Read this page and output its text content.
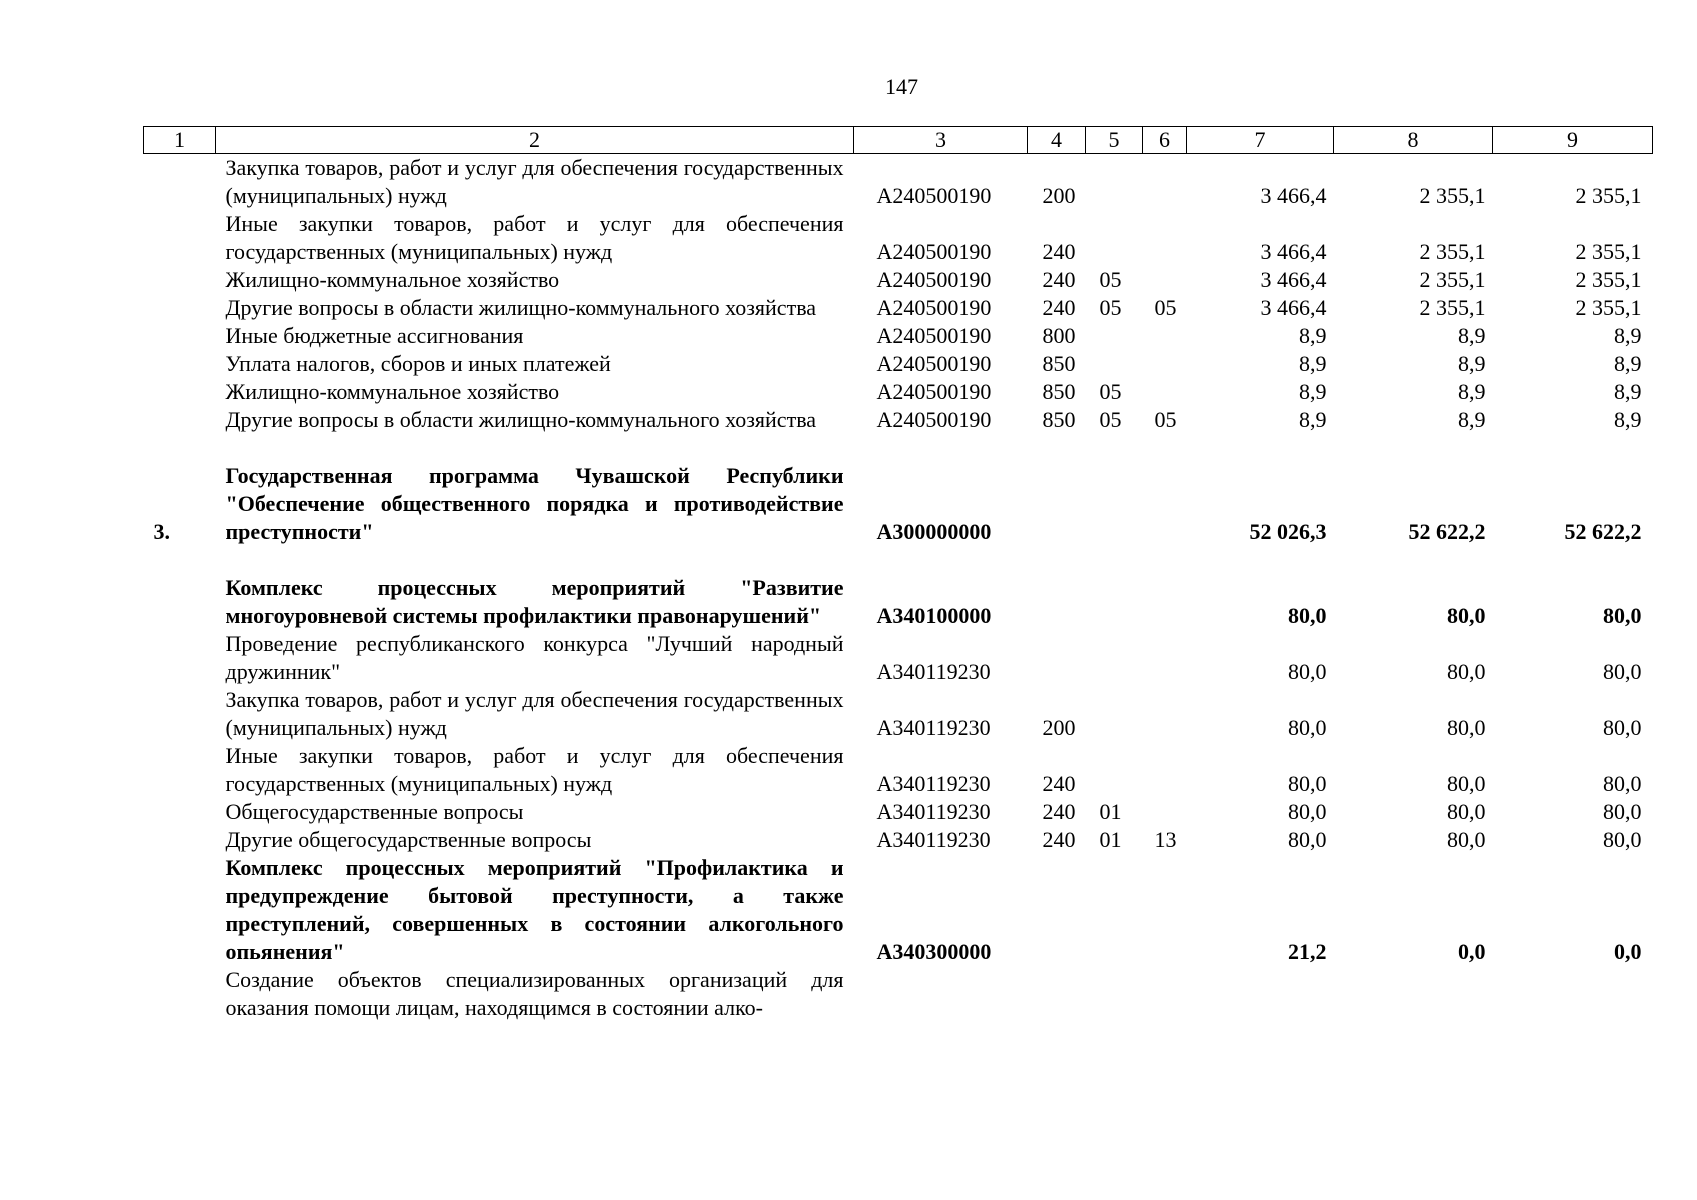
147
1	2	3	4	5	6	7	8	9
	Закупка товаров, работ и услуг для обеспечения государственных (муниципальных) нужд	А240500190	200			3 466,4	2 355,1	2 355,1
	Иные закупки товаров, работ и услуг для обеспечения государственных (муниципальных) нужд	А240500190	240			3 466,4	2 355,1	2 355,1
	Жилищно-коммунальное хозяйство	А240500190	240	05		3 466,4	2 355,1	2 355,1
	Другие вопросы в области жилищно-коммунального хозяйства	А240500190	240	05	05	3 466,4	2 355,1	2 355,1
	Иные бюджетные ассигнования	А240500190	800			8,9	8,9	8,9
	Уплата налогов, сборов и иных платежей	А240500190	850			8,9	8,9	8,9
	Жилищно-коммунальное хозяйство	А240500190	850	05		8,9	8,9	8,9
	Другие вопросы в области жилищно-коммунального хозяйства	А240500190	850	05	05	8,9	8,9	8,9
3.	Государственная программа Чувашской Республики "Обеспечение общественного порядка и противодействие преступности"	А300000000				52 026,3	52 622,2	52 622,2
	Комплекс процессных мероприятий "Развитие многоуровневой системы профилактики правонарушений"	А340100000				80,0	80,0	80,0
	Проведение республиканского конкурса "Лучший народный дружинник"	А340119230				80,0	80,0	80,0
	Закупка товаров, работ и услуг для обеспечения государственных (муниципальных) нужд	А340119230	200			80,0	80,0	80,0
	Иные закупки товаров, работ и услуг для обеспечения государственных (муниципальных) нужд	А340119230	240			80,0	80,0	80,0
	Общегосударственные вопросы	А340119230	240	01		80,0	80,0	80,0
	Другие общегосударственные вопросы	А340119230	240	01	13	80,0	80,0	80,0
	Комплекс процессных мероприятий "Профилактика и предупреждение бытовой преступности, а также преступлений, совершенных в состоянии алкогольного опьянения"	А340300000				21,2	0,0	0,0
	Создание объектов специализированных организаций для оказания помощи лицам, находящимся в состоянии алко-							
